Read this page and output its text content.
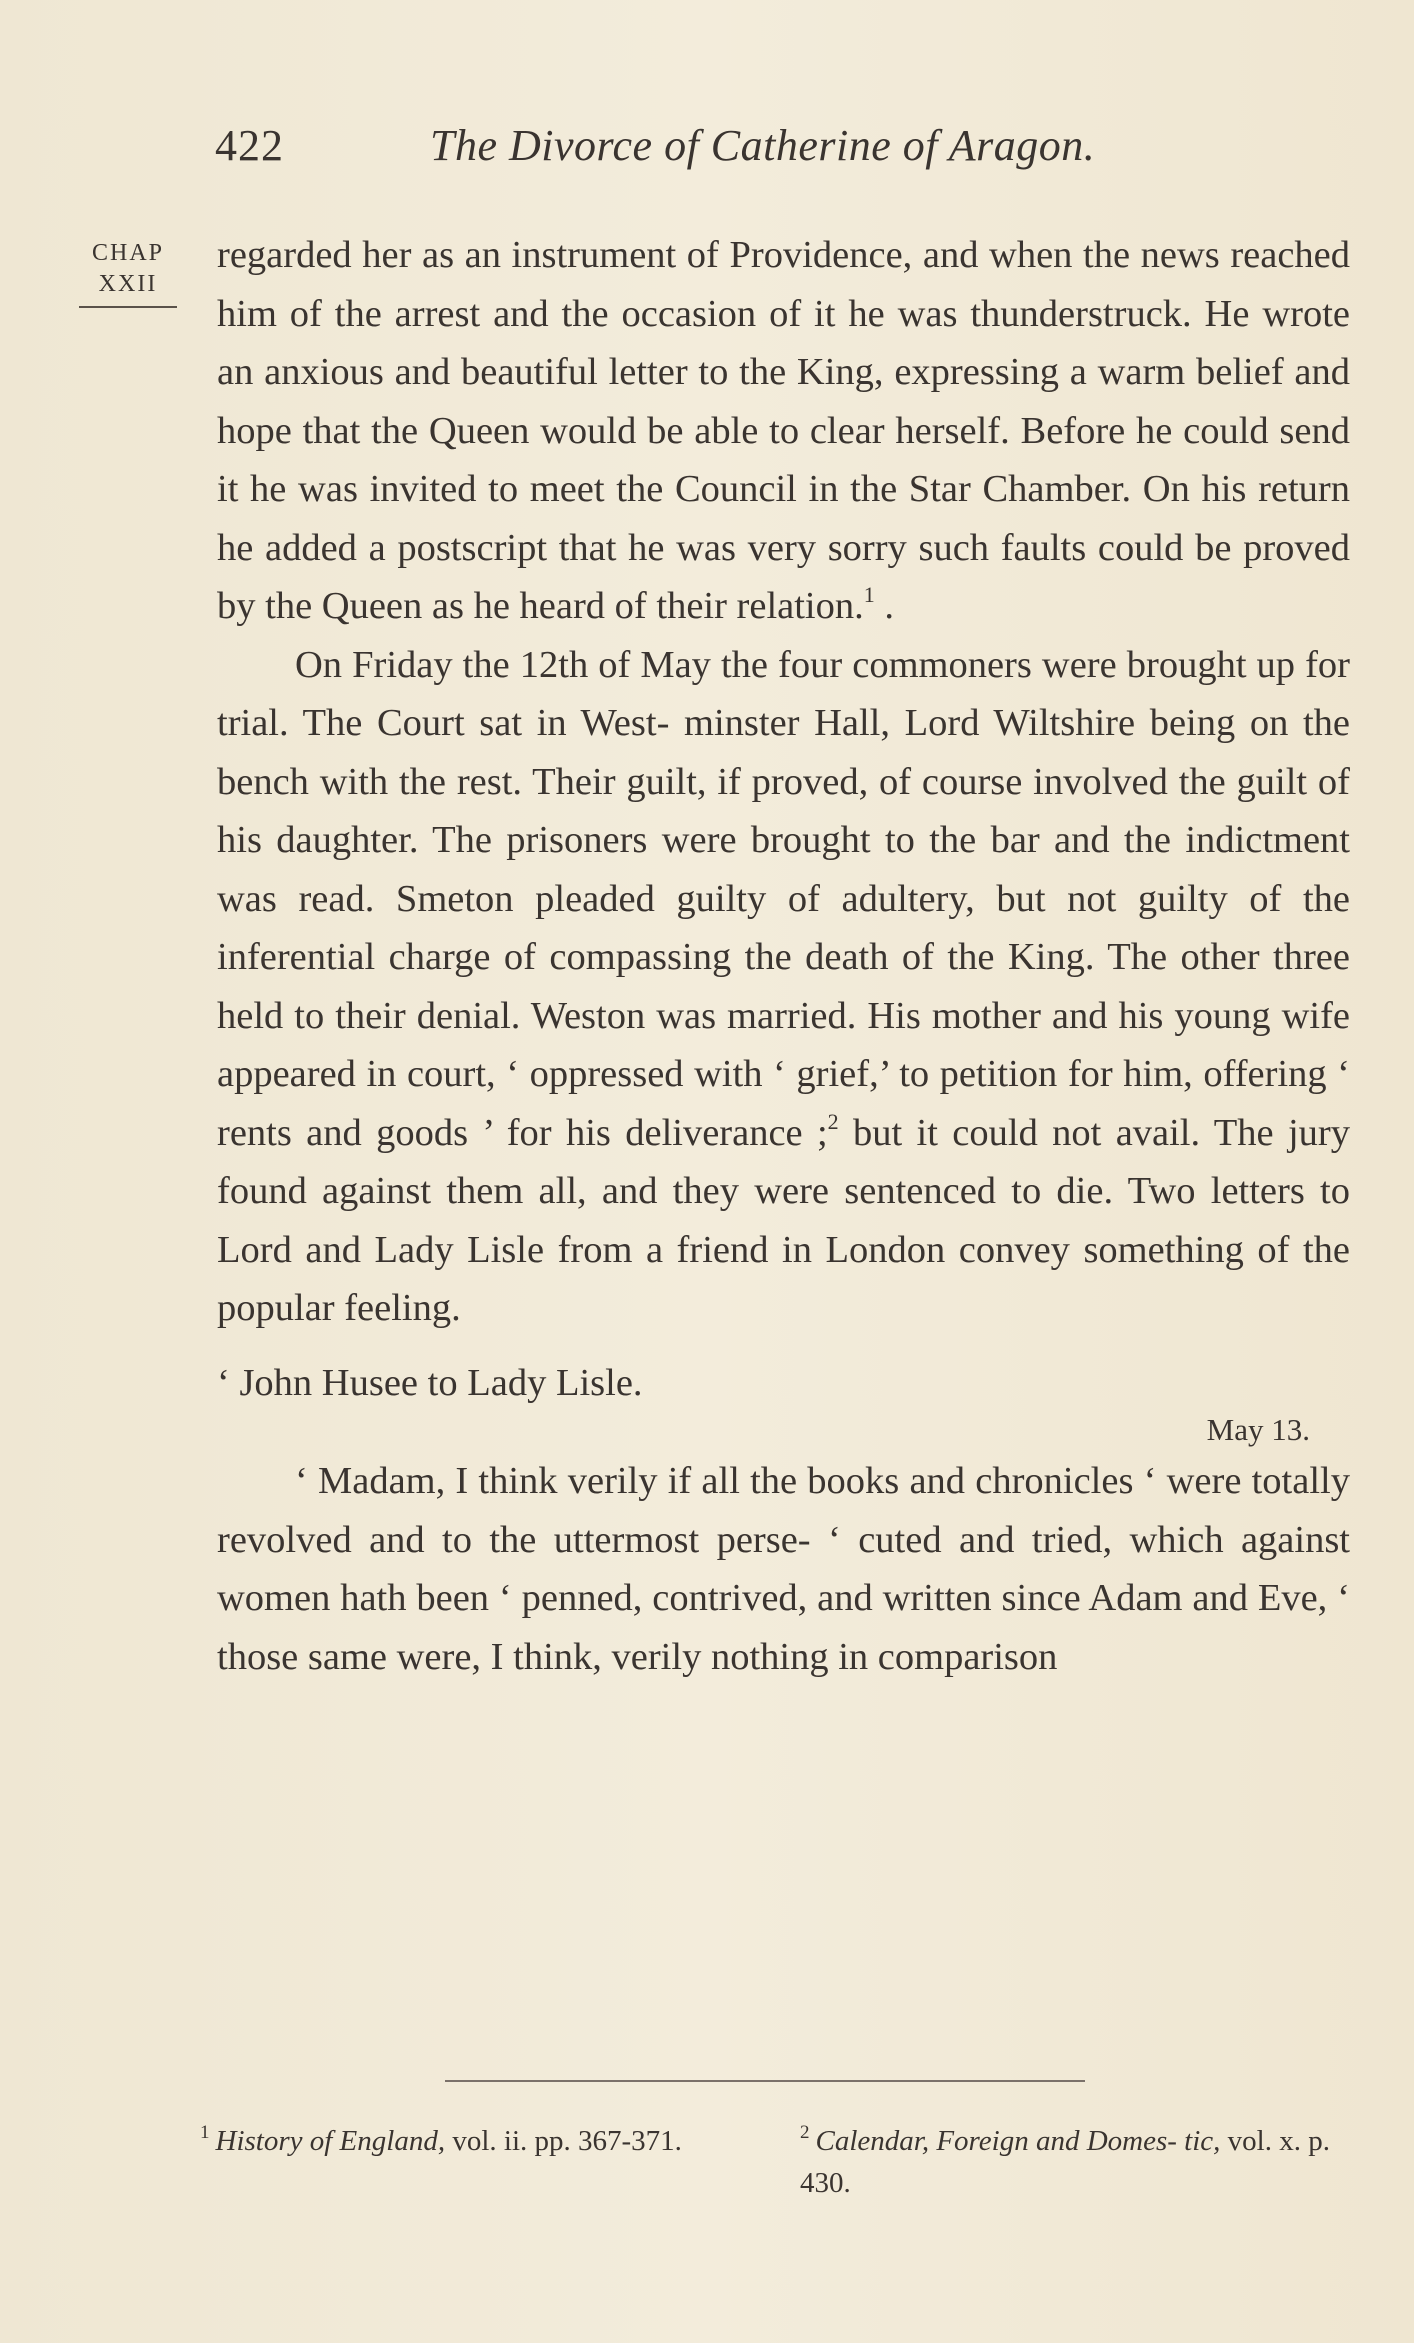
422	The Divorce of Catherine of Aragon.
CHAP
XXII

regarded her as an instrument of Providence, and when the news reached him of the arrest and the occasion of it he was thunderstruck. He wrote an anxious and beautiful letter to the King, expressing a warm belief and hope that the Queen would be able to clear herself. Before he could send it he was invited to meet the Council in the Star Chamber. On his return he added a postscript that he was very sorry such faults could be proved by the Queen as he heard of their relation.$^1$ .

On Friday the 12th of May the four commoners were brought up for trial. The Court sat in West- minster Hall, Lord Wiltshire being on the bench with the rest. Their guilt, if proved, of course involved the guilt of his daughter. The prisoners were brought to the bar and the indictment was read. Smeton pleaded guilty of adultery, but not guilty of the inferential charge of compassing the death of the King. The other three held to their denial. Weston was married. His mother and his young wife appeared in court, ‘ oppressed with ‘ grief,’ to petition for him, offering ‘ rents and goods ’ for his deliverance ;$^2$ but it could not avail. The jury found against them all, and they were sentenced to die. Two letters to Lord and Lady Lisle from a friend in London convey something of the popular feeling.

‘ John Husee to Lady Lisle.

May 13.

‘ Madam, I think verily if all the books and chronicles ‘ were totally revolved and to the uttermost perse- ‘ cuted and tried, which against women hath been ‘ penned, contrived, and written since Adam and Eve, ‘ those same were, I think, verily nothing in comparison

$^1$ History of England, vol. ii. pp. 367-371.	$^2$ Calendar, Foreign and Domes- tic, vol. x. p. 430.
